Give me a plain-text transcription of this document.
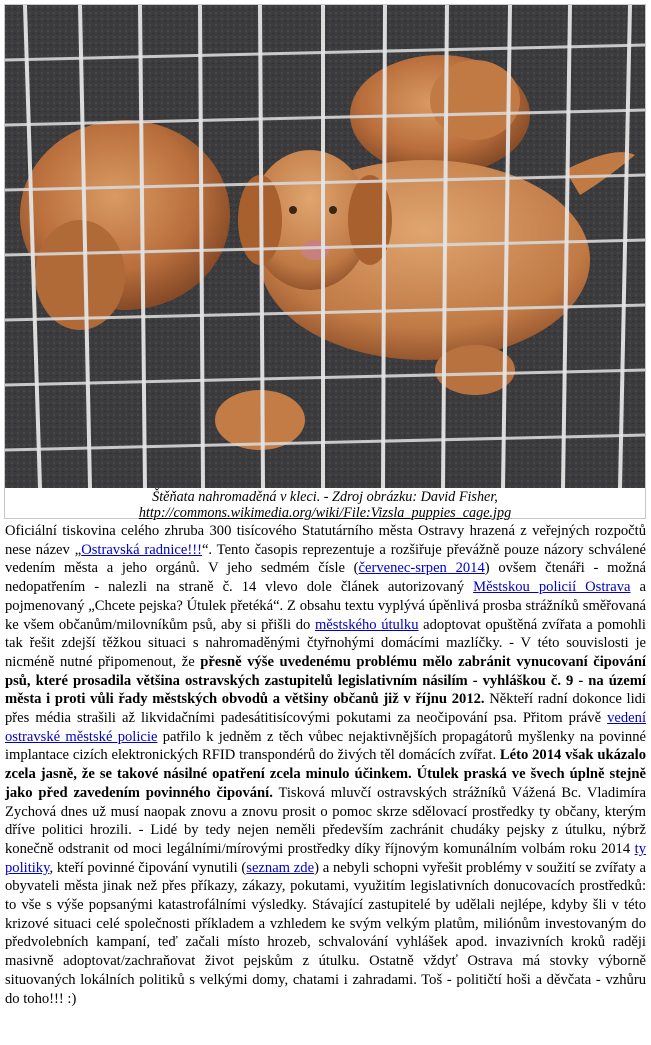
Štěňata nahromaděná v kleci. - Zdroj obrázku: David Fisher,
http://commons.wikimedia.org/wiki/File:Vizsla_puppies_cage.jpg
Oficiální tiskovina celého zhruba 300 tisícového Statutárního města Ostravy hrazená z veřejných rozpočtů nese název „Ostravská radnice!!!“. Tento časopis reprezentuje a rozšiřuje převážně pouze názory schválené vedením města a jeho orgánů. V jeho sedmém čísle (červenec-srpen 2014) ovšem čtenáři - možná nedopatřením - nalezli na straně č. 14 vlevo dole článek autorizovaný Městskou policií Ostrava a pojmenovaný „Chcete pejska? Útulek přetéká“. Z obsahu textu vyplývá úpěnlivá prosba strážníků směřovaná ke všem občanům/milovníkům psů, aby si přišli do městského útulku adoptovat opuštěná zvířata a pomohli tak řešit zdejší těžkou situaci s nahromaděnými čtyřnohými domácími mazlíčky. - V této souvislosti je nicméně nutné připomenout, že přesně výše uvedenému problému mělo zabránit vynucovaní čipování psů, které prosadila většina ostravských zastupitelů legislativním násilím - vyhláškou č. 9 - na území města i proti vůli řady městských obvodů a většiny občanů již v říjnu 2012. Někteří radní dokonce lidi přes média strašili až likvidačními padesátitisícovými pokutami za neočipování psa. Přitom právě vedení ostravské městské policie patřilo k jedněm z těch vůbec nejaktivnějších propagátorů myšlenky na povinné implantace cizích elektronických RFID transpondérů do živých těl domácích zvířat. Léto 2014 však ukázalo zcela jasně, že se takové násilné opatření zcela minulo účinkem. Útulek praská ve švech úplně stejně jako před zavedením povinného čipování. Tisková mluvčí ostravských strážníků Vážená Bc. Vladimíra Zychová dnes už musí naopak znovu a znovu prosit o pomoc skrze sdělovací prostředky ty občany, kterým dříve politici hrozili. - Lidé by tedy nejen neměli především zachránit chudáky pejsky z útulku, nýbrž konečně odstranit od moci legálními/mírovými prostředky díky říjnovým komunálním volbám roku 2014 ty politiky, kteří povinné čipování vynutili (seznam zde) a nebyli schopni vyřešit problémy v soužití se zvířaty a obyvateli města jinak než přes příkazy, zákazy, pokutami, využitím legislativních donucovacích prostředků: to vše s výše popsanými katastrofálními výsledky. Stávající zastupitelé by udělali nejlépe, kdyby šli v této krizové situaci celé společnosti příkladem a vzhledem ke svým velkým platům, miliónům investovaným do předvolebních kampaní, teď začali místo hrozeb, schvalování vyhlášek apod. invazivních kroků raději masivně adoptovat/zachraňovat život pejskům z útulku. Ostatně vždyť Ostrava má stovky výborně situovaných lokálních politiků s velkými domy, chatami i zahradami. Toš - političtí hoši a děvčata - vzhůru do toho!!! :)
